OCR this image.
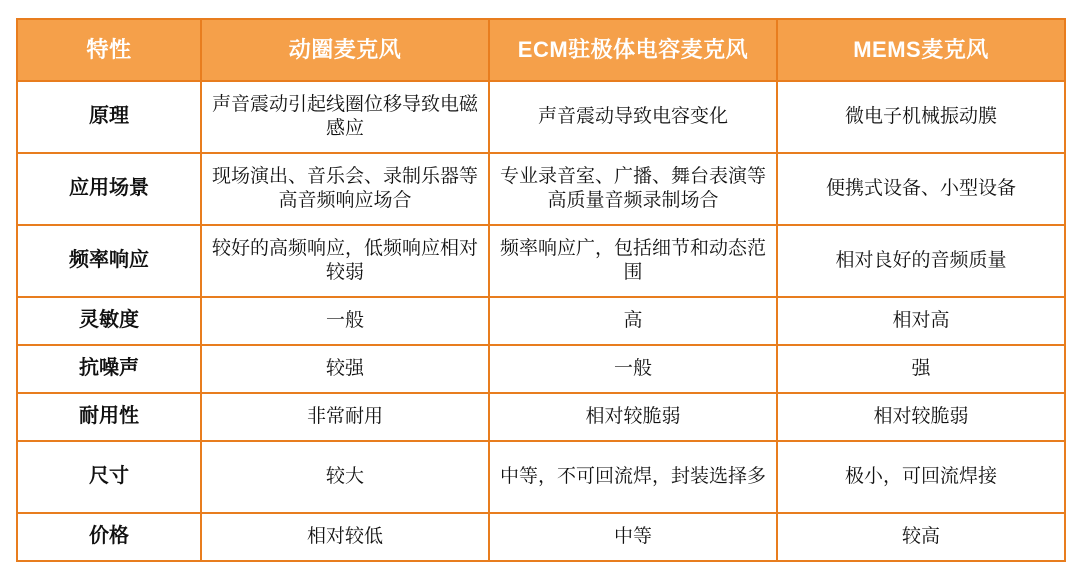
特性	动圈麦克风	ECM驻极体电容麦克风	MEMS麦克风
原理	声音震动引起线圈位移导致电磁感应	声音震动导致电容变化	微电子机械振动膜
应用场景	现场演出、音乐会、录制乐器等高音频响应场合	专业录音室、广播、舞台表演等高质量音频录制场合	便携式设备、小型设备
频率响应	较好的高频响应，低频响应相对较弱	频率响应广，包括细节和动态范围	相对良好的音频质量
灵敏度	一般	高	相对高
抗噪声	较强	一般	强
耐用性	非常耐用	相对较脆弱	相对较脆弱
尺寸	较大	中等，不可回流焊，封装选择多	极小，可回流焊接
价格	相对较低	中等	较高
